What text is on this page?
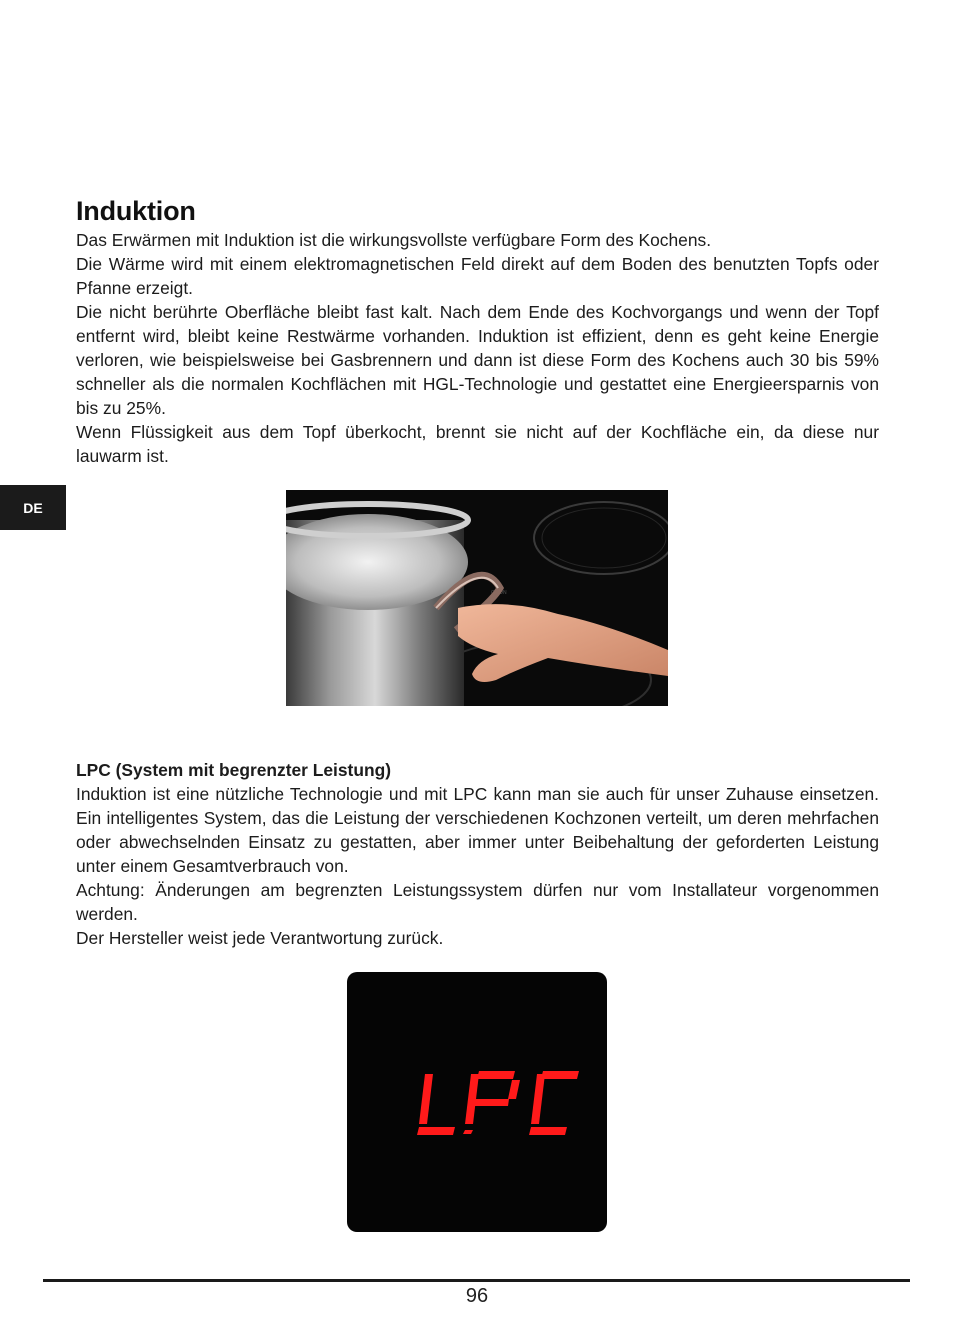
Induktion

Das Erwärmen mit Induktion ist die wirkungsvollste verfügbare Form des Kochens.

Die Wärme wird mit einem elektromagnetischen Feld direkt auf dem Boden des benutzten Topfs oder Pfanne erzeigt.

Die nicht berührte Oberfläche bleibt fast kalt. Nach dem Ende des Kochvorgangs und wenn der Topf entfernt wird, bleibt keine Restwärme vorhanden. Induktion ist effizient, denn es geht keine Energie verloren, wie beispielsweise bei Gasbrennern und dann ist diese Form des Kochens auch 30 bis 59% schneller als die normalen Kochflächen mit HGL-Technologie und gestattet eine Energieersparnis von bis zu 25%.

Wenn Flüssigkeit aus dem Topf überkocht, brennt sie nicht auf der Kochfläche ein, da diese nur lauwarm ist.

DE
CTION

LPC (System mit begrenzter Leistung)

Induktion ist eine nützliche Technologie und mit LPC kann man sie auch für unser Zuhause einsetzen. Ein intelligentes System, das die Leistung der verschiedenen Kochzonen verteilt, um deren mehrfachen oder abwechselnden Einsatz zu gestatten, aber immer unter Beibehaltung der geforderten Leistung unter einem Gesamtverbrauch von.

Achtung: Änderungen am begrenzten Leistungssystem dürfen nur vom Installateur vorgenommen werden.

Der Hersteller weist jede Verantwortung zurück.

96
